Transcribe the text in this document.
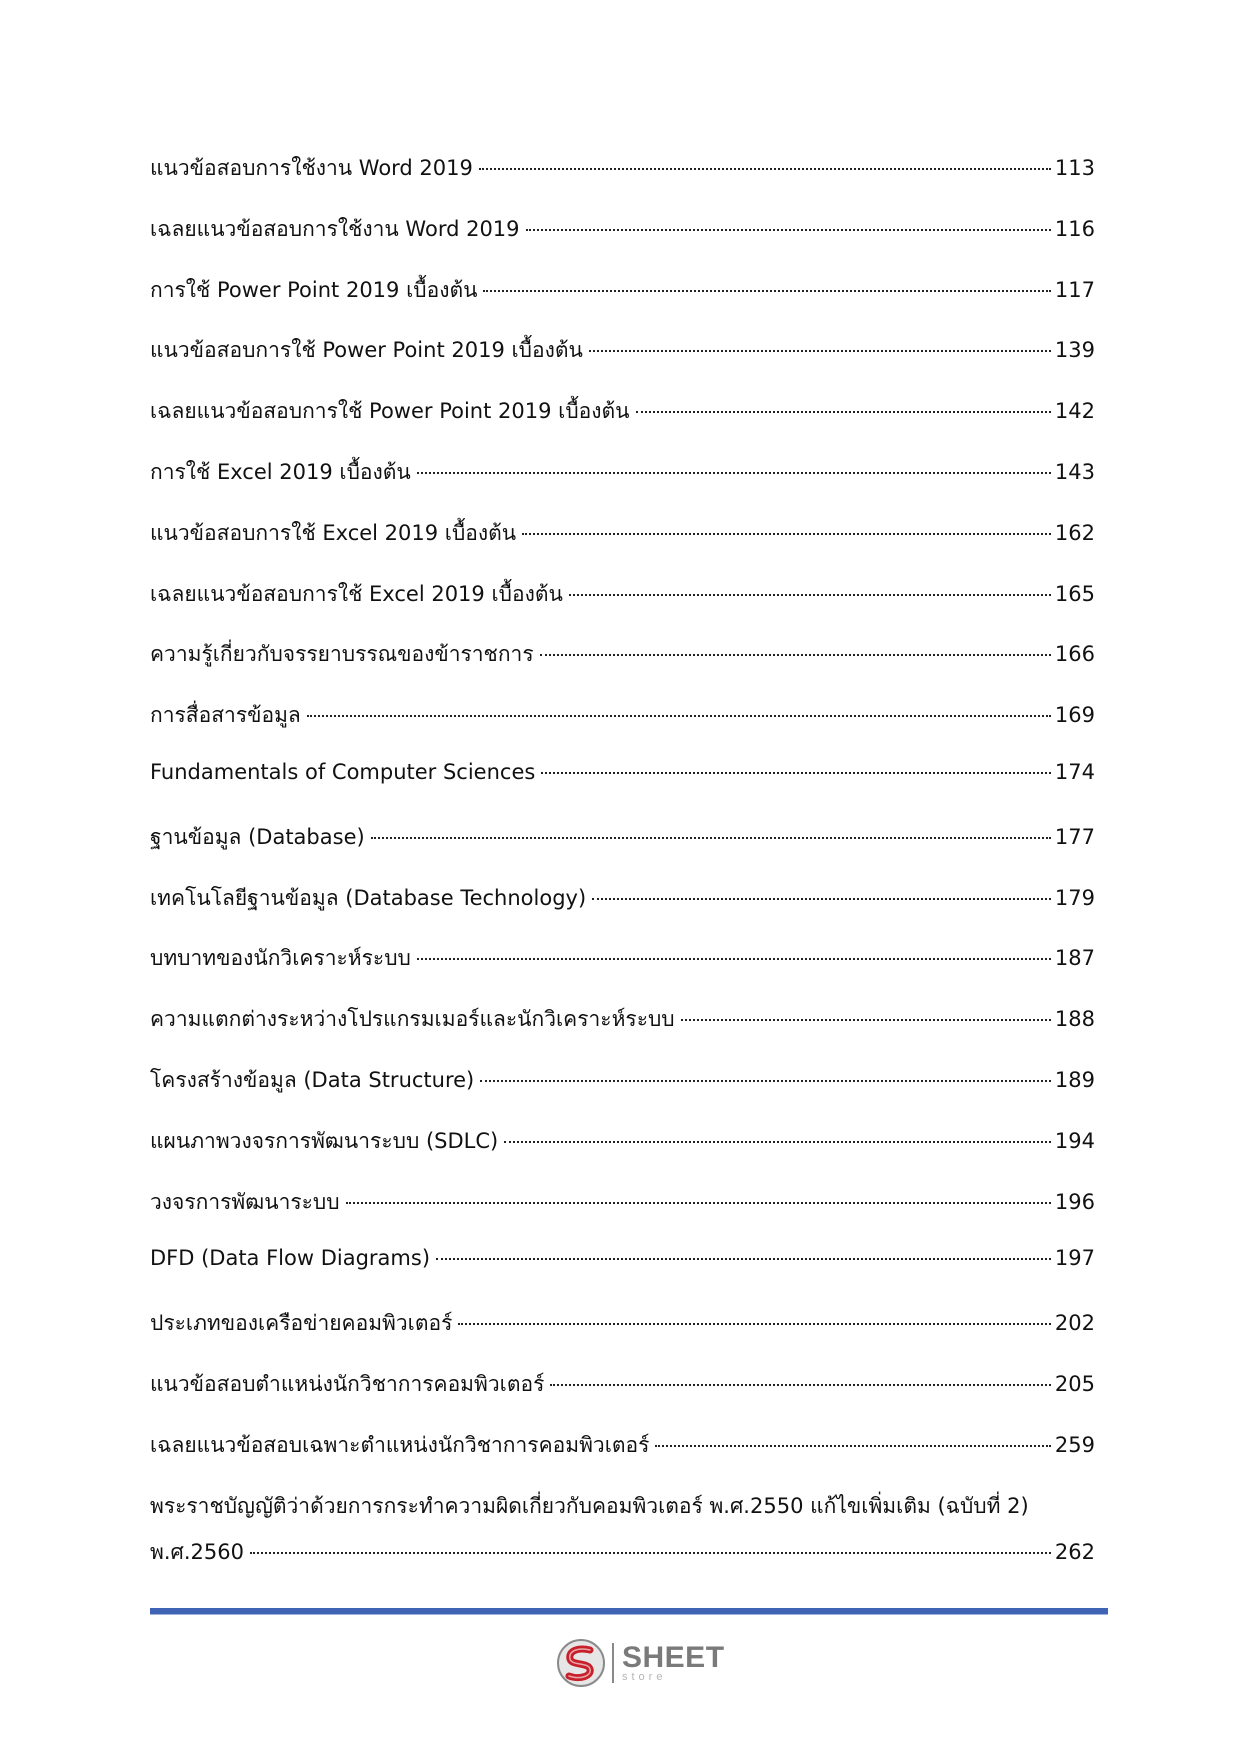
แนวข้อสอบการใช้งาน Word 2019	113
เฉลยแนวข้อสอบการใช้งาน Word 2019	116
การใช้ Power Point 2019 เบื้องต้น	117
แนวข้อสอบการใช้ Power Point 2019 เบื้องต้น	139
เฉลยแนวข้อสอบการใช้ Power Point 2019 เบื้องต้น	142
การใช้ Excel 2019 เบื้องต้น	143
แนวข้อสอบการใช้ Excel 2019 เบื้องต้น	162
เฉลยแนวข้อสอบการใช้ Excel 2019 เบื้องต้น	165
ความรู้เกี่ยวกับจรรยาบรรณของข้าราชการ	166
การสื่อสารข้อมูล	169
Fundamentals of Computer Sciences	174
ฐานข้อมูล (Database)	177
เทคโนโลยีฐานข้อมูล (Database Technology)	179
บทบาทของนักวิเคราะห์ระบบ	187
ความแตกต่างระหว่างโปรแกรมเมอร์และนักวิเคราะห์ระบบ	188
โครงสร้างข้อมูล (Data Structure)	189
แผนภาพวงจรการพัฒนาระบบ (SDLC)	194
วงจรการพัฒนาระบบ	196
DFD (Data Flow Diagrams)	197
ประเภทของเครือข่ายคอมพิวเตอร์	202
แนวข้อสอบตำแหน่งนักวิชาการคอมพิวเตอร์	205
เฉลยแนวข้อสอบเฉพาะตำแหน่งนักวิชาการคอมพิวเตอร์	259
พระราชบัญญัติว่าด้วยการกระทำความผิดเกี่ยวกับคอมพิวเตอร์ พ.ศ.2550 แก้ไขเพิ่มเติม (ฉบับที่ 2)
พ.ศ.2560	262
SHEET
store
